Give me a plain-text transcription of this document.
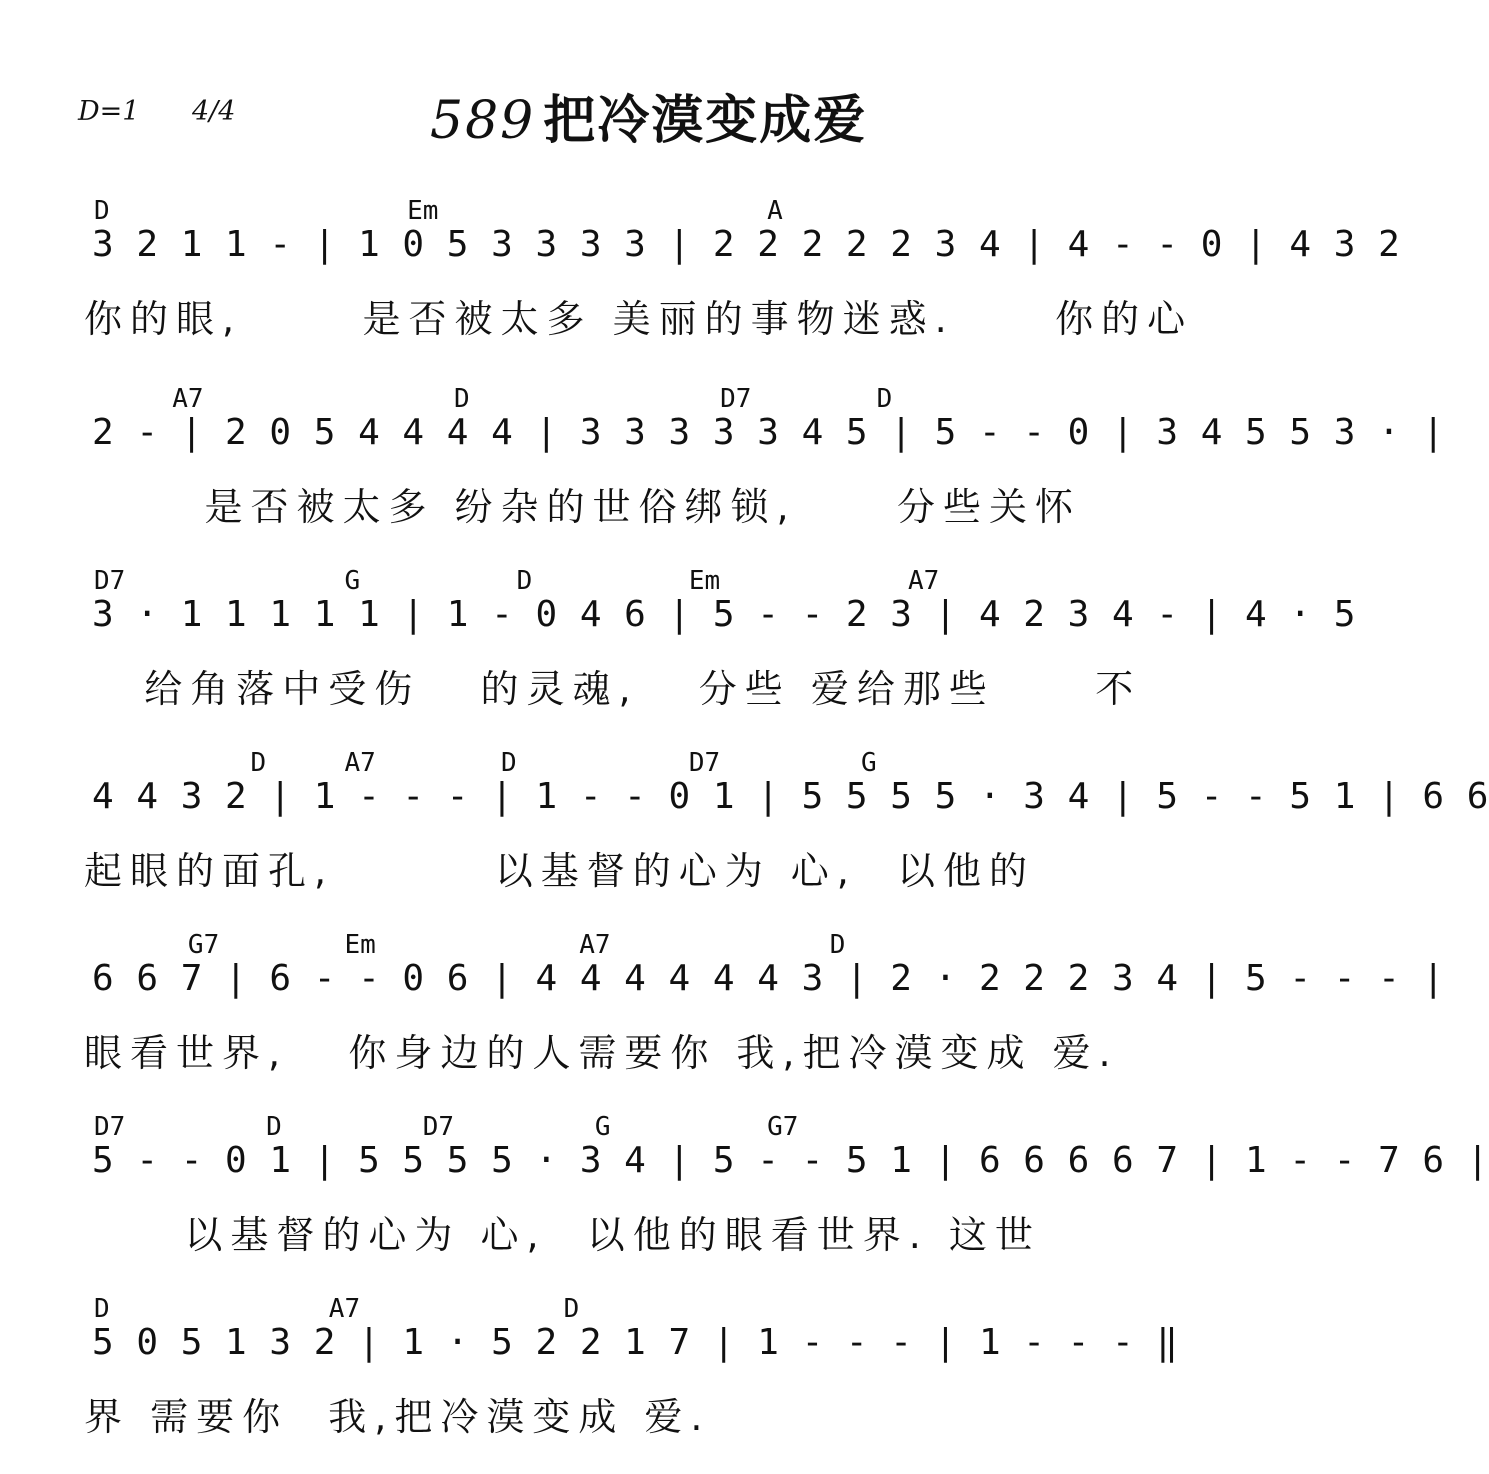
D=1 4/4	589 把冷漠变成爱
D                   Em                     A
3 2 1 1 - | 1 0 5 3 3 3 3 | 2 2 2 2 2 3 4 | 4 - - 0 | 4 3 2
你的眼,      是否被太多 美丽的事物迷惑.     你的心
A7                D                D7        D
2 - | 2 0 5 4 4 4 4 | 3 3 3 3 3 4 5 | 5 - - 0 | 3 4 5 5 3 · |
是否被太多 纷杂的世俗绑锁,     分些关怀
D7              G          D          Em            A7
3 · 1 1 1 1 1 | 1 - 0 4 6 | 5 - - 2 3 | 4 2 3 4 - | 4 · 5
给角落中受伤   的灵魂,   分些 爱给那些     不
D     A7        D           D7         G
4 4 3 2 | 1 - - - | 1 - - 0 1 | 5 5 5 5 · 3 4 | 5 - - 5 1 | 6 6
起眼的面孔,        以基督的心为 心,  以他的
G7        Em             A7              D
6 6 7 | 6 - - 0 6 | 4 4 4 4 4 4 3 | 2 · 2 2 2 3 4 | 5 - - - |
眼看世界,   你身边的人需要你 我,把冷漠变成 爱.
D7         D         D7         G          G7
5 - - 0 1 | 5 5 5 5 · 3 4 | 5 - - 5 1 | 6 6 6 6 7 | 1 - - 7 6 |
以基督的心为 心,  以他的眼看世界. 这世
D              A7             D
5 0 5 1 3 2 | 1 · 5 2 2 1 7 | 1 - - - | 1 - - - ‖
界 需要你  我,把冷漠变成 爱.
